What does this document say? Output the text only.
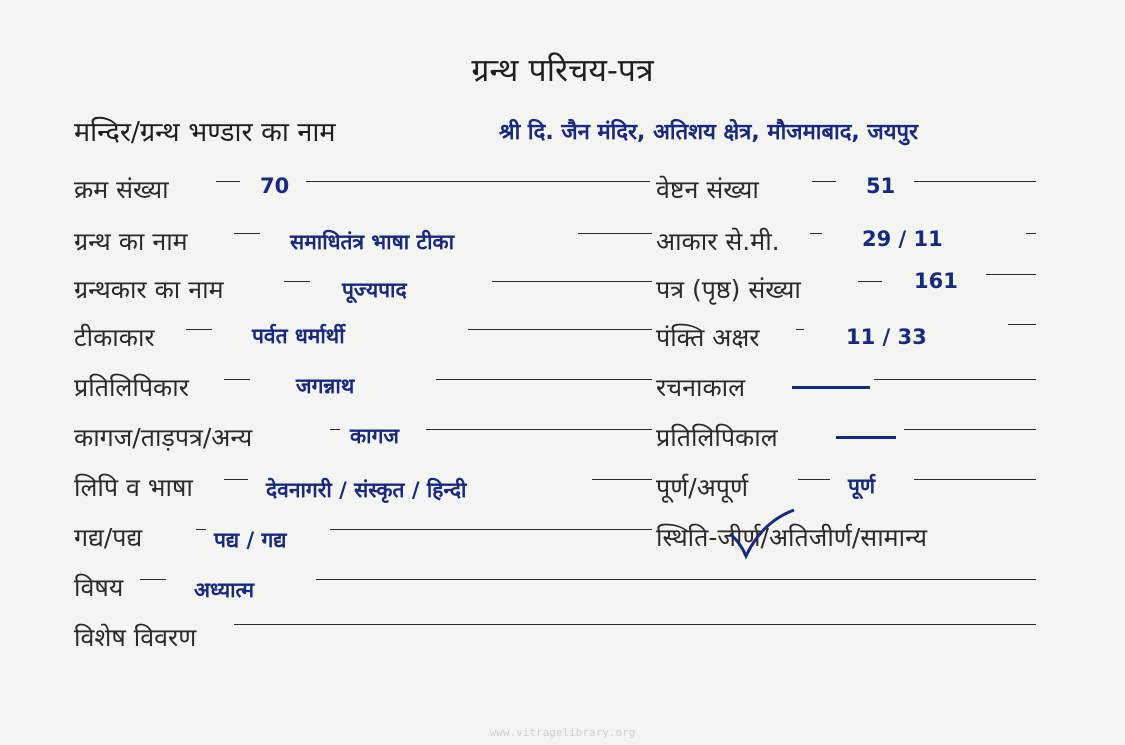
ग्रन्थ परिचय-पत्र
मन्दिर/ग्रन्थ भण्डार का नाम	श्री दि. जैन मंदिर, अतिशय क्षेत्र, मौजमाबाद, जयपुर
क्रम संख्या	70	वेष्टन संख्या	51
ग्रन्थ का नाम	समाधितंत्र भाषा टीका	आकार से.मी.	29 / 11
ग्रन्थकार का नाम	पूज्यपाद	पत्र (पृष्ठ) संख्या	161
टीकाकार	पर्वत धर्मार्थी	पंक्ति अक्षर	11 / 33
प्रतिलिपिकार	जगन्नाथ	रचनाकाल
कागज/ताड़पत्र/अन्य	कागज	प्रतिलिपिकाल
लिपि व भाषा	देवनागरी / संस्कृत / हिन्दी	पूर्ण/अपूर्ण	पूर्ण
गद्य/पद्य	पद्य / गद्य	स्थिति-जीर्ण/अतिजीर्ण/सामान्य
विषय	अध्यात्म
विशेष विवरण
www.vitragelibrary.org
